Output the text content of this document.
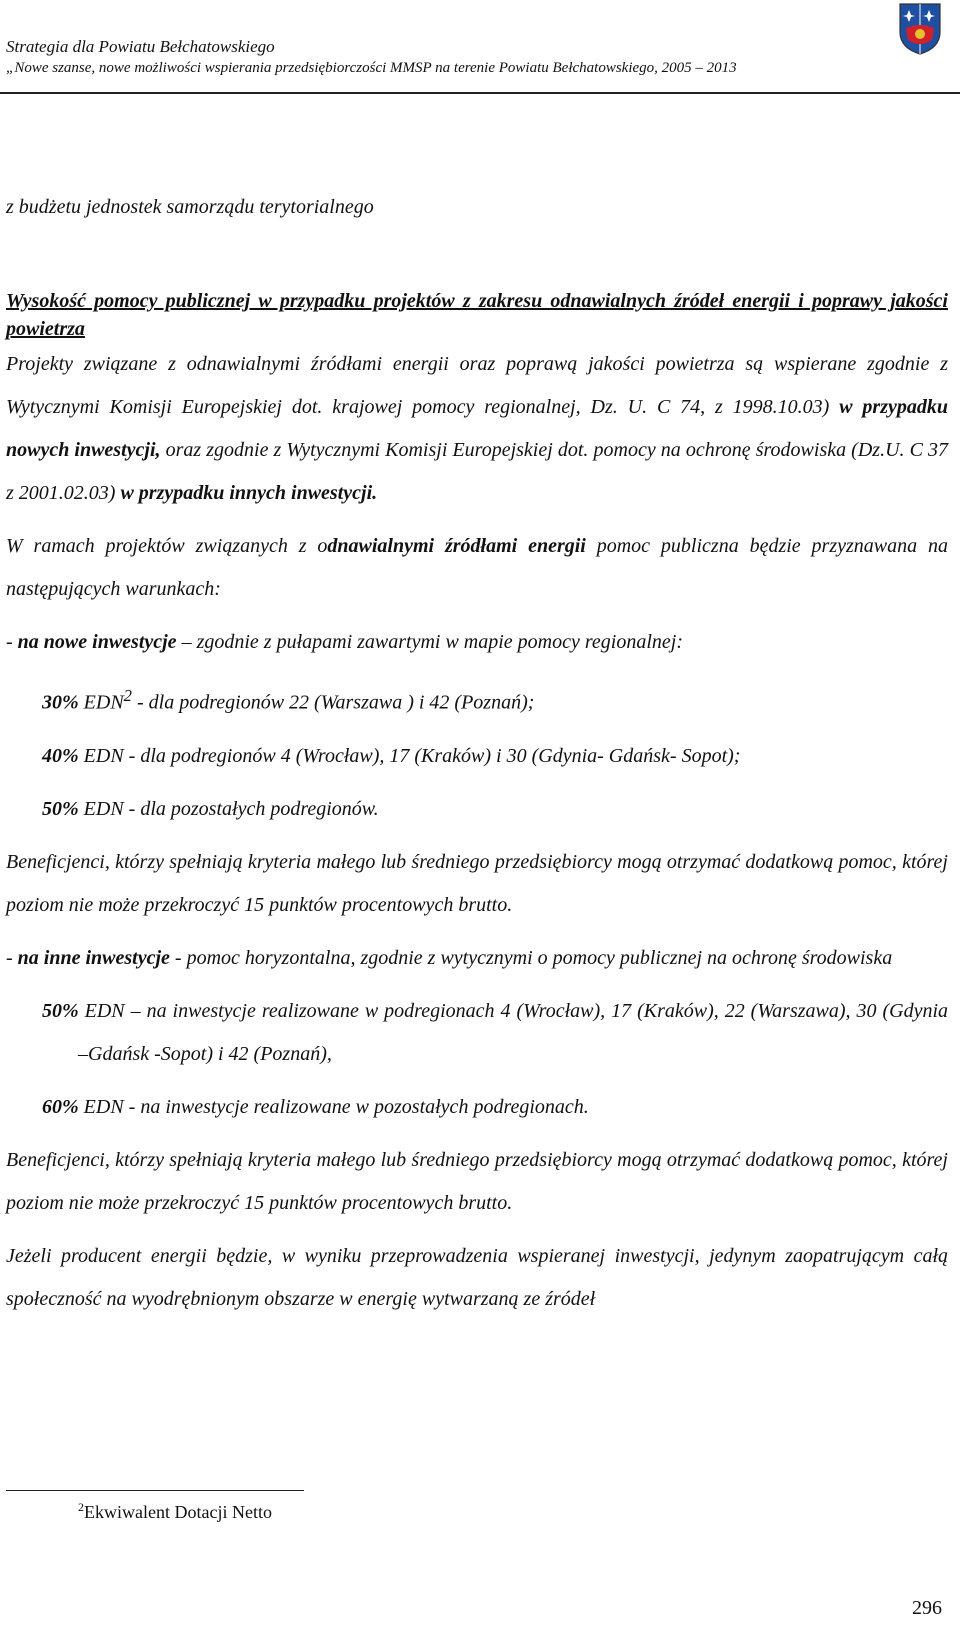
Strategia dla Powiatu Bełchatowskiego
„Nowe szanse, nowe możliwości wspierania przedsiębiorczości MMSP na terenie Powiatu Bełchatowskiego, 2005 – 2013

z budżetu jednostek samorządu terytorialnego

Wysokość pomocy publicznej w przypadku projektów z zakresu odnawialnych źródeł energii i poprawy jakości powietrza

Projekty związane z odnawialnymi źródłami energii oraz poprawą jakości powietrza są wspierane zgodnie z Wytycznymi Komisji Europejskiej dot. krajowej pomocy regionalnej, Dz. U. C 74, z 1998.10.03) w przypadku nowych inwestycji, oraz zgodnie z Wytycznymi Komisji Europejskiej dot. pomocy na ochronę środowiska (Dz.U. C 37 z 2001.02.03) w przypadku innych inwestycji.

W ramach projektów związanych z odnawialnymi źródłami energii pomoc publiczna będzie przyznawana na następujących warunkach:

- na nowe inwestycje – zgodnie z pułapami zawartymi w mapie pomocy regionalnej:

30% EDN$^2$ - dla podregionów 22 (Warszawa ) i 42 (Poznań);

40% EDN - dla podregionów 4 (Wrocław), 17 (Kraków) i 30 (Gdynia- Gdańsk- Sopot);

50% EDN - dla pozostałych podregionów.

Beneficjenci, którzy spełniają kryteria małego lub średniego przedsiębiorcy mogą otrzymać dodatkową pomoc, której poziom nie może przekroczyć 15 punktów procentowych brutto.

- na inne inwestycje - pomoc horyzontalna, zgodnie z wytycznymi o pomocy publicznej na ochronę środowiska

50% EDN – na inwestycje realizowane w podregionach 4 (Wrocław), 17 (Kraków), 22 (Warszawa), 30 (Gdynia –Gdańsk -Sopot) i 42 (Poznań),

60% EDN - na inwestycje realizowane w pozostałych podregionach.

Beneficjenci, którzy spełniają kryteria małego lub średniego przedsiębiorcy mogą otrzymać dodatkową pomoc, której poziom nie może przekroczyć 15 punktów procentowych brutto.

Jeżeli producent energii będzie, w wyniku przeprowadzenia wspieranej inwestycji, jedynym zaopatrującym całą społeczność na wyodrębnionym obszarze w energię wytwarzaną ze źródeł

$^2$Ekwiwalent Dotacji Netto
296
